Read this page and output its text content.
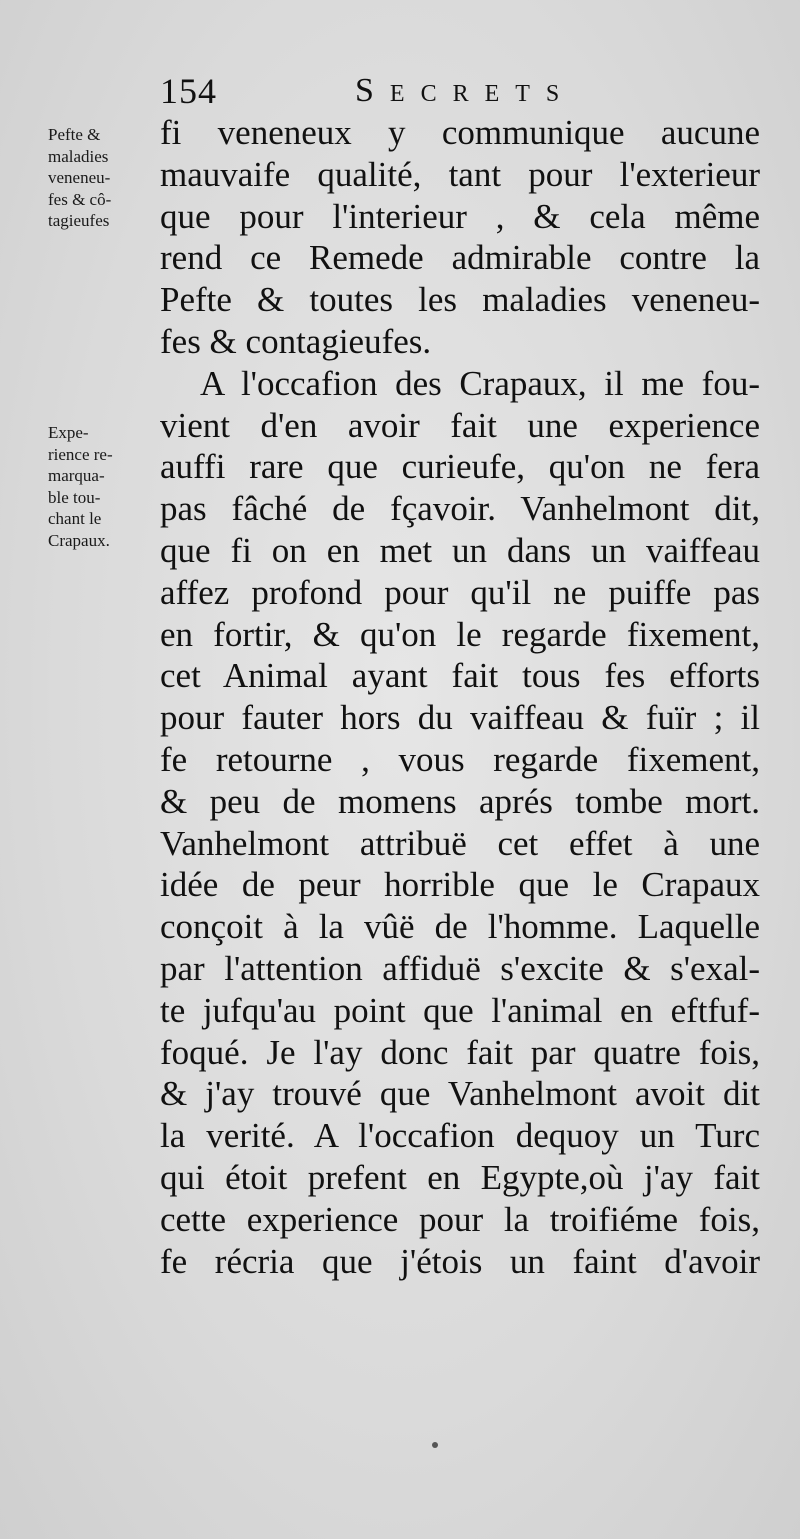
154	Secrets
Pefte &
maladies
veneneu-
fes & cô-
tagieufes
Expe-
rience re-
marqua-
ble tou-
chant le
Crapaux.
fi veneneux y communique aucune
mauvaife qualité, tant pour l'exterieur
que pour l'interieur , & cela même
rend ce Remede admirable contre la
Pefte & toutes les maladies veneneu-
fes & contagieufes.
A l'occafion des Crapaux, il me fou-
vient d'en avoir fait une experience
auffi rare que curieufe, qu'on ne fera
pas fâché de fçavoir. Vanhelmont dit,
que fi on en met un dans un vaiffeau
affez profond pour qu'il ne puiffe pas
en fortir, & qu'on le regarde fixement,
cet Animal ayant fait tous fes efforts
pour fauter hors du vaiffeau & fuïr ; il
fe retourne , vous regarde fixement,
& peu de momens aprés tombe mort.
Vanhelmont attribuë cet effet à une
idée de peur horrible que le Crapaux
conçoit à la vûë de l'homme. Laquelle
par l'attention affiduë s'excite & s'exal-
te jufqu'au point que l'animal en eftfuf-
foqué. Je l'ay donc fait par quatre fois,
& j'ay trouvé que Vanhelmont avoit dit
la verité. A l'occafion dequoy un Turc
qui étoit prefent en Egypte,où j'ay fait
cette experience pour la troifiéme fois,
fe récria que j'étois un faint d'avoir
